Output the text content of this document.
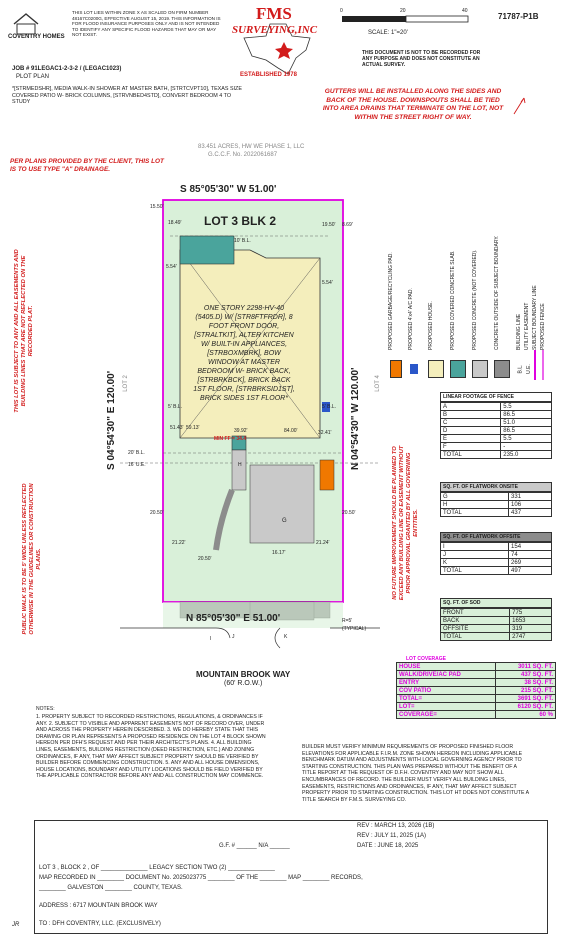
COVENTRY HOMES
THIS LOT LIES WITHIN ZONE X AS SCALED ON FIRM NUMBER 48167C0200G, EFFECTIVE AUGUST 15, 2019. THIS INFORMATION IS FOR FLOOD INSURANCE PURPOSES ONLY AND IS NOT INTENDED TO IDENTIFY ANY SPECIFIC FLOOD HAZARDS THAT MAY OR MAY NOT EXIST.
FMS
SURVEYING,INC
ESTABLISHED 1978
71787-P1B
0	20	40
SCALE: 1"=20'
THIS DOCUMENT IS NOT TO BE RECORDED FOR ANY PURPOSE AND DOES NOT CONSTITUTE AN ACTUAL SURVEY.
JOB # 91LEGAC1-2-3-2 / (LEGAC1023)
PLOT PLAN
*[STRMEDSHR], MEDIA WALK-IN SHOWER AT MASTER BATH, [STRTCVPT10], TEXAS SIZE COVERED PATIO W- BRICK COLUMNS, [STRVNBED4STD], CONVERT BEDROOM 4 TO STUDY
GUTTERS WILL BE INSTALLED ALONG THE SIDES AND BACK OF THE HOUSE. DOWNSPOUTS SHALL BE TIED INTO AREA DRAINS THAT TERMINATE ON THE LOT, NOT WITHIN THE STREET RIGHT OF WAY.
83.451 ACRES, HW WE PHASE 1, LLC
G.C.C.F. No. 2022061687
PER PLANS PROVIDED BY THE CLIENT, THIS LOT IS TO USE TYPE "A" DRAINAGE.
S 85°05'30" W 51.00'
N 85°05'30" E 51.00'
S 04°54'30" E 120.00'	N 04°54'30" W 120.00'
LOT 3 BLK 2
LOT 2	LOT 4
ONE STORY 2298-HV-40 (5405.D) W/ [STR8FTFRDR], 8 FOOT FRONT DOOR, [STRALTKIT], ALTER KITCHEN W/ BUILT-IN APPLIANCES, [STRBOXMBRK], BOW WINDOW AT MASTER BEDROOM W- BRICK BACK, [STRBRKBCK], BRICK BACK 1ST FLOOR, [STRBRKSID1ST], BRICK SIDES 1ST FLOOR*
15.50'
19.50'
10' B.L.
18.49'	8.69'
5.54'
5.54'
5' B.L.	5' B.L.
51.43' 59.13'	39.92'
MIN FF = 34.4
84.00'	32.41'
20' B.L.
16' U.E.
20.50'	20.50'
21.22'	21.24'
20.50'
16.17'
G
H
I	J	K
R=5'
(TYPICAL)
MOUNTAIN BROOK WAY
(60' R.O.W.)
THIS LOT IS SUBJECT TO ANY AND ALL EASEMENTS AND BUILDING LINES THAT ARE NOT REFLECTED ON THE RECORDED PLAT.
PUBLIC WALK IS TO BE 5' WIDE UNLESS REFLECTED OTHERWISE IN THE GUIDELINES OR CONSTRUCTION PLANS.	NO FUTURE IMPROVEMENT SHOULD BE PLANNED TO EXCEED ANY BUILDING LINE OR EASEMENT WITHOUT PRIOR APPROVAL GRANTED BY ALL GOVERNING ENTITIES.
PROPOSED GARBAGE/RECYCLING PAD.	PROPOSED 4'x4' A/C PAD.	PROPOSED HOUSE.	PROPOSED COVERED CONCRETE SLAB.	PROPOSED CONCRETE (NOT COVERED).	CONCRETE OUTSIDE OF SUBJECT BOUNDARY.	BUILDING LINE UTILITY EASEMENT SUBJECT BOUNDARY LINE PROPOSED FENCE
B.L. U.E.
LINEAR FOOTAGE OF FENCE
A	5.5
B	86.5
C	51.0
D	86.5
E	5.5
F	-
TOTAL	235.0
SQ. FT. OF FLATWORK ONSITE
G	331
H	106
TOTAL	437
SQ. FT. OF FLATWORK OFFSITE
I	154
J	74
K	269
TOTAL	497
SQ. FT. OF SOD
FRONT	775
BACK	1653
OFFSITE	319
TOTAL	2747
LOT COVERAGE
HOUSE	3011 SQ. FT.
WALK/DRIVE/AC PAD	437 SQ. FT.
ENTRY	38 SQ. FT.
COV PATIO	215 SQ. FT.
TOTAL=	3691 SQ. FT.
LOT=	6120 SQ. FT.
COVERAGE=	60 %
NOTES:
1. PROPERTY SUBJECT TO RECORDED RESTRICTIONS, REGULATIONS, & ORDINANCES IF ANY. 2. SUBJECT TO VISIBLE AND APPARENT EASEMENTS NOT OF RECORD OVER, UNDER AND ACROSS THE PROPERTY HEREIN DESCRIBED. 3. WE DO HEREBY STATE THAT THIS DRAWING OR PLAN REPRESENTS A PROPOSED RESIDENCE ON THE LOT 4 BLOCK SHOWN HEREON PER DFH'S REQUEST AND PER THEIR ARCHITECT'S PLANS. 4. ALL BUILDING LINES, EASEMENTS, BUILDING RESTRICTION (DEED RESTRICTION, ETC.) AND ZONING ORDINANCES, IF ANY, THAT MAY AFFECT SUBJECT PROPERTY SHOULD BE VERIFIED BY BUILDER BEFORE COMMENCING CONSTRUCTION. 5. ANY AND ALL HOUSE DIMENSIONS, HOUSE LOCATIONS, BOUNDARY AND UTILITY LOCATIONS SHOULD BE FIELD VERIFIED BY THE APPLICABLE CONTRACTOR BEFORE ANY AND ALL CONSTRUCTION MAY COMMENCE.
BUILDER MUST VERIFY MINIMUM REQUIREMENTS OF PROPOSED FINISHED FLOOR ELEVATIONS FOR APPLICABLE F.I.R.M. ZONE SHOWN HEREON INCLUDING APPLICABLE BENCHMARK DATUM AND ADJUSTMENTS WITH LOCAL GOVERNING AGENCY PRIOR TO STARTING CONSTRUCTION. THIS PLAN WAS PREPARED WITHOUT THE BENEFIT OF A TITLE REPORT AT THE REQUEST OF D.F.H. COVENTRY AND MAY NOT SHOW ALL ENCUMBRANCES OF RECORD. THE BUILDER MUST VERIFY ALL BUILDING LINES, EASEMENTS, RESTRICTIONS AND ORDINANCES, IF ANY, THAT MAY AFFECT SUBJECT PROPERTY PRIOR TO STARTING CONSTRUCTION. THIS LOT HT DOES NOT CONSTITUTE A TITLE SEARCH BY F.M.S. SURVEYING CO.
REV : MARCH 13, 2026 (1B)
REV : JULY 11, 2025 (1A)
DATE : JUNE 18, 2025
G.F. # ______ N/A ______
LOT 3 , BLOCK 2 , OF ______________ LEGACY SECTION TWO (2) ______________
MAP RECORDED IN ________ DOCUMENT No. 2025023775 ________ OF THE ________ MAP ________ RECORDS,
________ GALVESTON ________ COUNTY, TEXAS.
ADDRESS : 6717 MOUNTAIN BROOK WAY
TO : DFH COVENTRY, LLC. (EXCLUSIVELY)
JR
